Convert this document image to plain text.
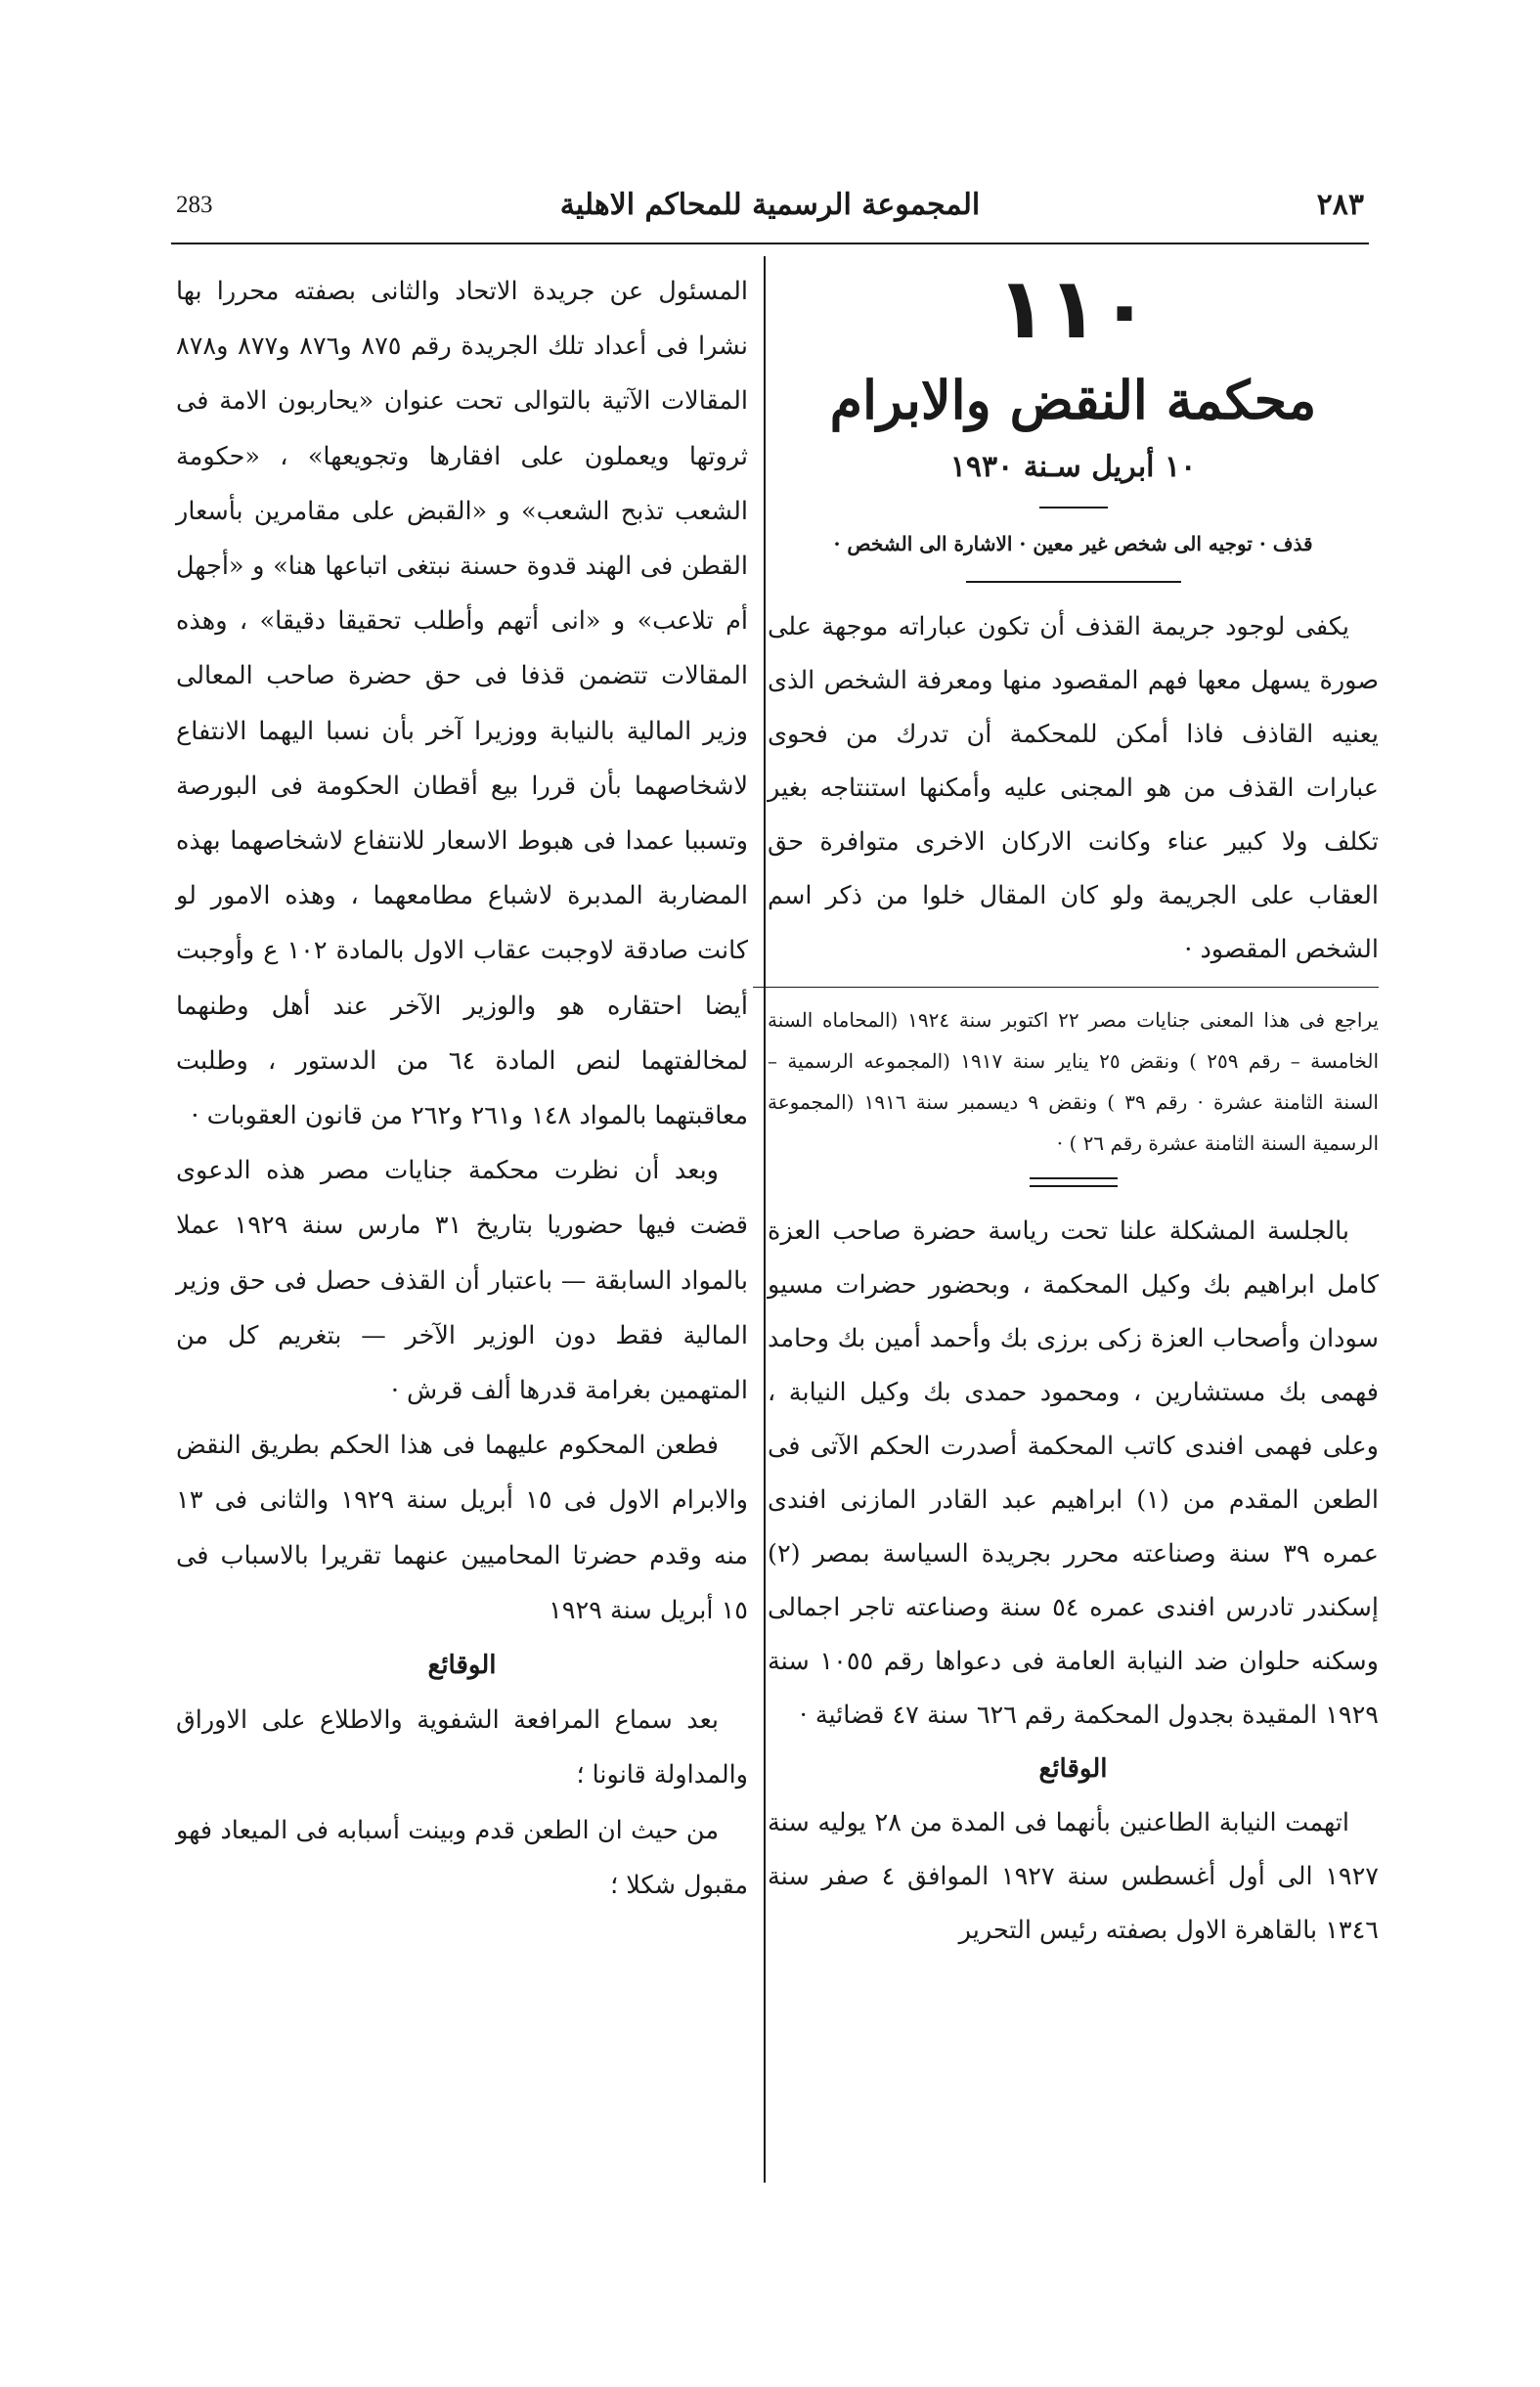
283	المجموعة الرسمية للمحاكم الاهلية	٢٨٣
١١٠
محكمة النقض والابرام
١٠ أبريل سـنة ١٩٣٠
قذف · توجيه الى شخص غير معين · الاشارة الى الشخص ·

يكفى لوجود جريمة القذف أن تكون عباراته موجهة على صورة يسهل معها فهم المقصود منها ومعرفة الشخص الذى يعنيه القاذف فاذا أمكن للمحكمة أن تدرك من فحوى عبارات القذف من هو المجنى عليه وأمكنها استنتاجه بغير تكلف ولا كبير عناء وكانت الاركان الاخرى متوافرة حق العقاب على الجريمة ولو كان المقال خلوا من ذكر اسم الشخص المقصود ·

يراجع فى هذا المعنى جنايات مصر ٢٢ اكتوبر سنة ١٩٢٤ (المحاماه السنة الخامسة – رقم ٢٥٩ ) ونقض ٢٥ يناير سنة ١٩١٧ (المجموعه الرسمية – السنة الثامنة عشرة · رقم ٣٩ ) ونقض ٩ ديسمبر سنة ١٩١٦ (المجموعة الرسمية السنة الثامنة عشرة رقم ٢٦ ) ·

بالجلسة المشكلة علنا تحت رياسة حضرة صاحب العزة كامل ابراهيم بك وكيل المحكمة ، وبحضور حضرات مسيو سودان وأصحاب العزة زكى برزى بك وأحمد أمين بك وحامد فهمى بك مستشارين ، ومحمود حمدى بك وكيل النيابة ، وعلى فهمى افندى كاتب المحكمة أصدرت الحكم الآتى فى الطعن المقدم من (١) ابراهيم عبد القادر المازنى افندى عمره ٣٩ سنة وصناعته محرر بجريدة السياسة بمصر (٢) إسكندر تادرس افندى عمره ٥٤ سنة وصناعته تاجر اجمالى وسكنه حلوان ضد النيابة العامة فى دعواها رقم ١٠٥٥ سنة ١٩٢٩ المقيدة بجدول المحكمة رقم ٦٢٦ سنة ٤٧ قضائية ·

الوقائع

اتهمت النيابة الطاعنين بأنهما فى المدة من ٢٨ يوليه سنة ١٩٢٧ الى أول أغسطس سنة ١٩٢٧ الموافق ٤ صفر سنة ١٣٤٦ بالقاهرة الاول بصفته رئيس التحرير

المسئول عن جريدة الاتحاد والثانى بصفته محررا بها نشرا فى أعداد تلك الجريدة رقم ٨٧٥ و٨٧٦ و٨٧٧ و٨٧٨ المقالات الآتية بالتوالى تحت عنوان «يحاربون الامة فى ثروتها ويعملون على افقارها وتجويعها» ، «حكومة الشعب تذبح الشعب» و «القبض على مقامرين بأسعار القطن فى الهند قدوة حسنة نبتغى اتباعها هنا» و «أجهل أم تلاعب» و «انى أتهم وأطلب تحقيقا دقيقا» ، وهذه المقالات تتضمن قذفا فى حق حضرة صاحب المعالى وزير المالية بالنيابة ووزيرا آخر بأن نسبا اليهما الانتفاع لاشخاصهما بأن قررا بيع أقطان الحكومة فى البورصة وتسببا عمدا فى هبوط الاسعار للانتفاع لاشخاصهما بهذه المضاربة المدبرة لاشباع مطامعهما ، وهذه الامور لو كانت صادقة لاوجبت عقاب الاول بالمادة ١٠٢ ع وأوجبت أيضا احتقاره هو والوزير الآخر عند أهل وطنهما لمخالفتهما لنص المادة ٦٤ من الدستور ، وطلبت معاقبتهما بالمواد ١٤٨ و٢٦١ و٢٦٢ من قانون العقوبات ·

وبعد أن نظرت محكمة جنايات مصر هذه الدعوى قضت فيها حضوريا بتاريخ ٣١ مارس سنة ١٩٢٩ عملا بالمواد السابقة — باعتبار أن القذف حصل فى حق وزير المالية فقط دون الوزير الآخر — بتغريم كل من المتهمين بغرامة قدرها ألف قرش ·

فطعن المحكوم عليهما فى هذا الحكم بطريق النقض والابرام الاول فى ١٥ أبريل سنة ١٩٢٩ والثانى فى ١٣ منه وقدم حضرتا المحاميين عنهما تقريرا بالاسباب فى ١٥ أبريل سنة ١٩٢٩

الوقائع

بعد سماع المرافعة الشفوية والاطلاع على الاوراق والمداولة قانونا ؛

من حيث ان الطعن قدم وبينت أسبابه فى الميعاد فهو مقبول شكلا ؛
